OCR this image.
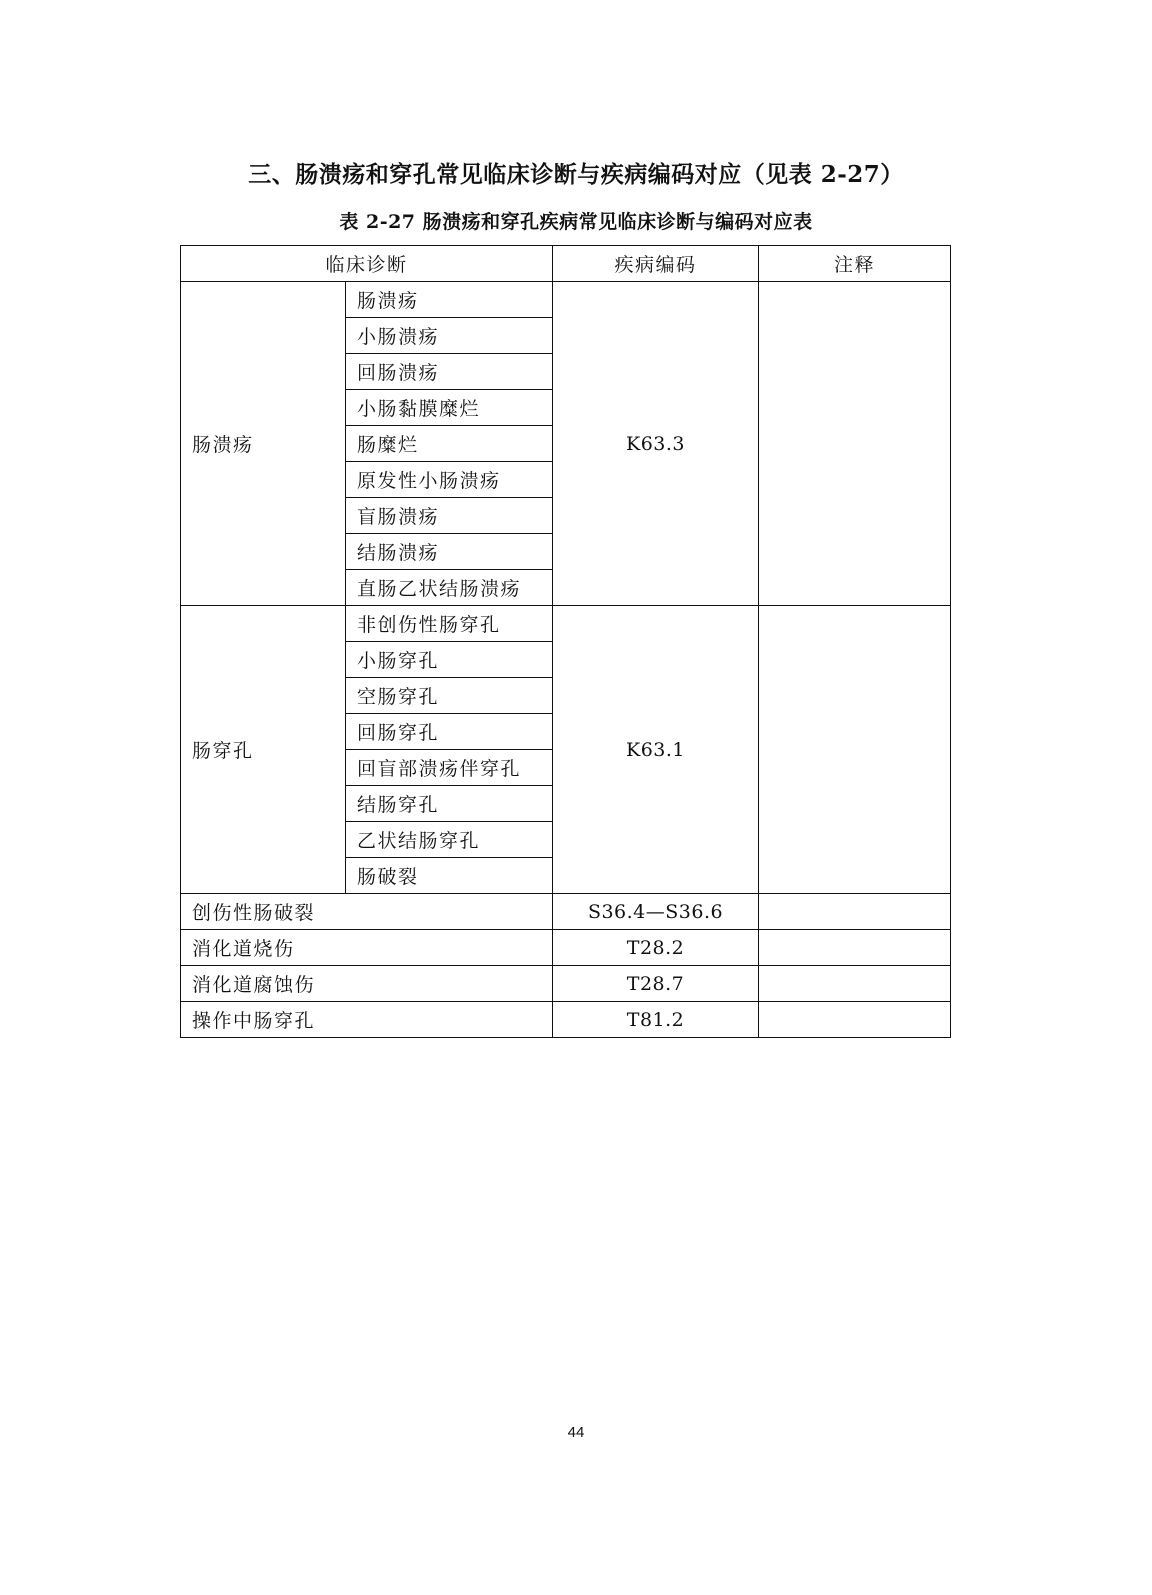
三、肠溃疡和穿孔常见临床诊断与疾病编码对应（见表 2-27）
表 2-27 肠溃疡和穿孔疾病常见临床诊断与编码对应表
临床诊断		疾病编码	注释
肠溃疡	肠溃疡	K63.3	
	小肠溃疡		
	回肠溃疡		
	小肠黏膜糜烂		
	肠糜烂		
	原发性小肠溃疡		
	盲肠溃疡		
	结肠溃疡		
	直肠乙状结肠溃疡		
肠穿孔	非创伤性肠穿孔	K63.1	
	小肠穿孔		
	空肠穿孔		
	回肠穿孔		
	回盲部溃疡伴穿孔		
	结肠穿孔		
	乙状结肠穿孔		
	肠破裂		
创伤性肠破裂		S36.4—S36.6	
消化道烧伤		T28.2	
消化道腐蚀伤		T28.7	
操作中肠穿孔		T81.2	
44
